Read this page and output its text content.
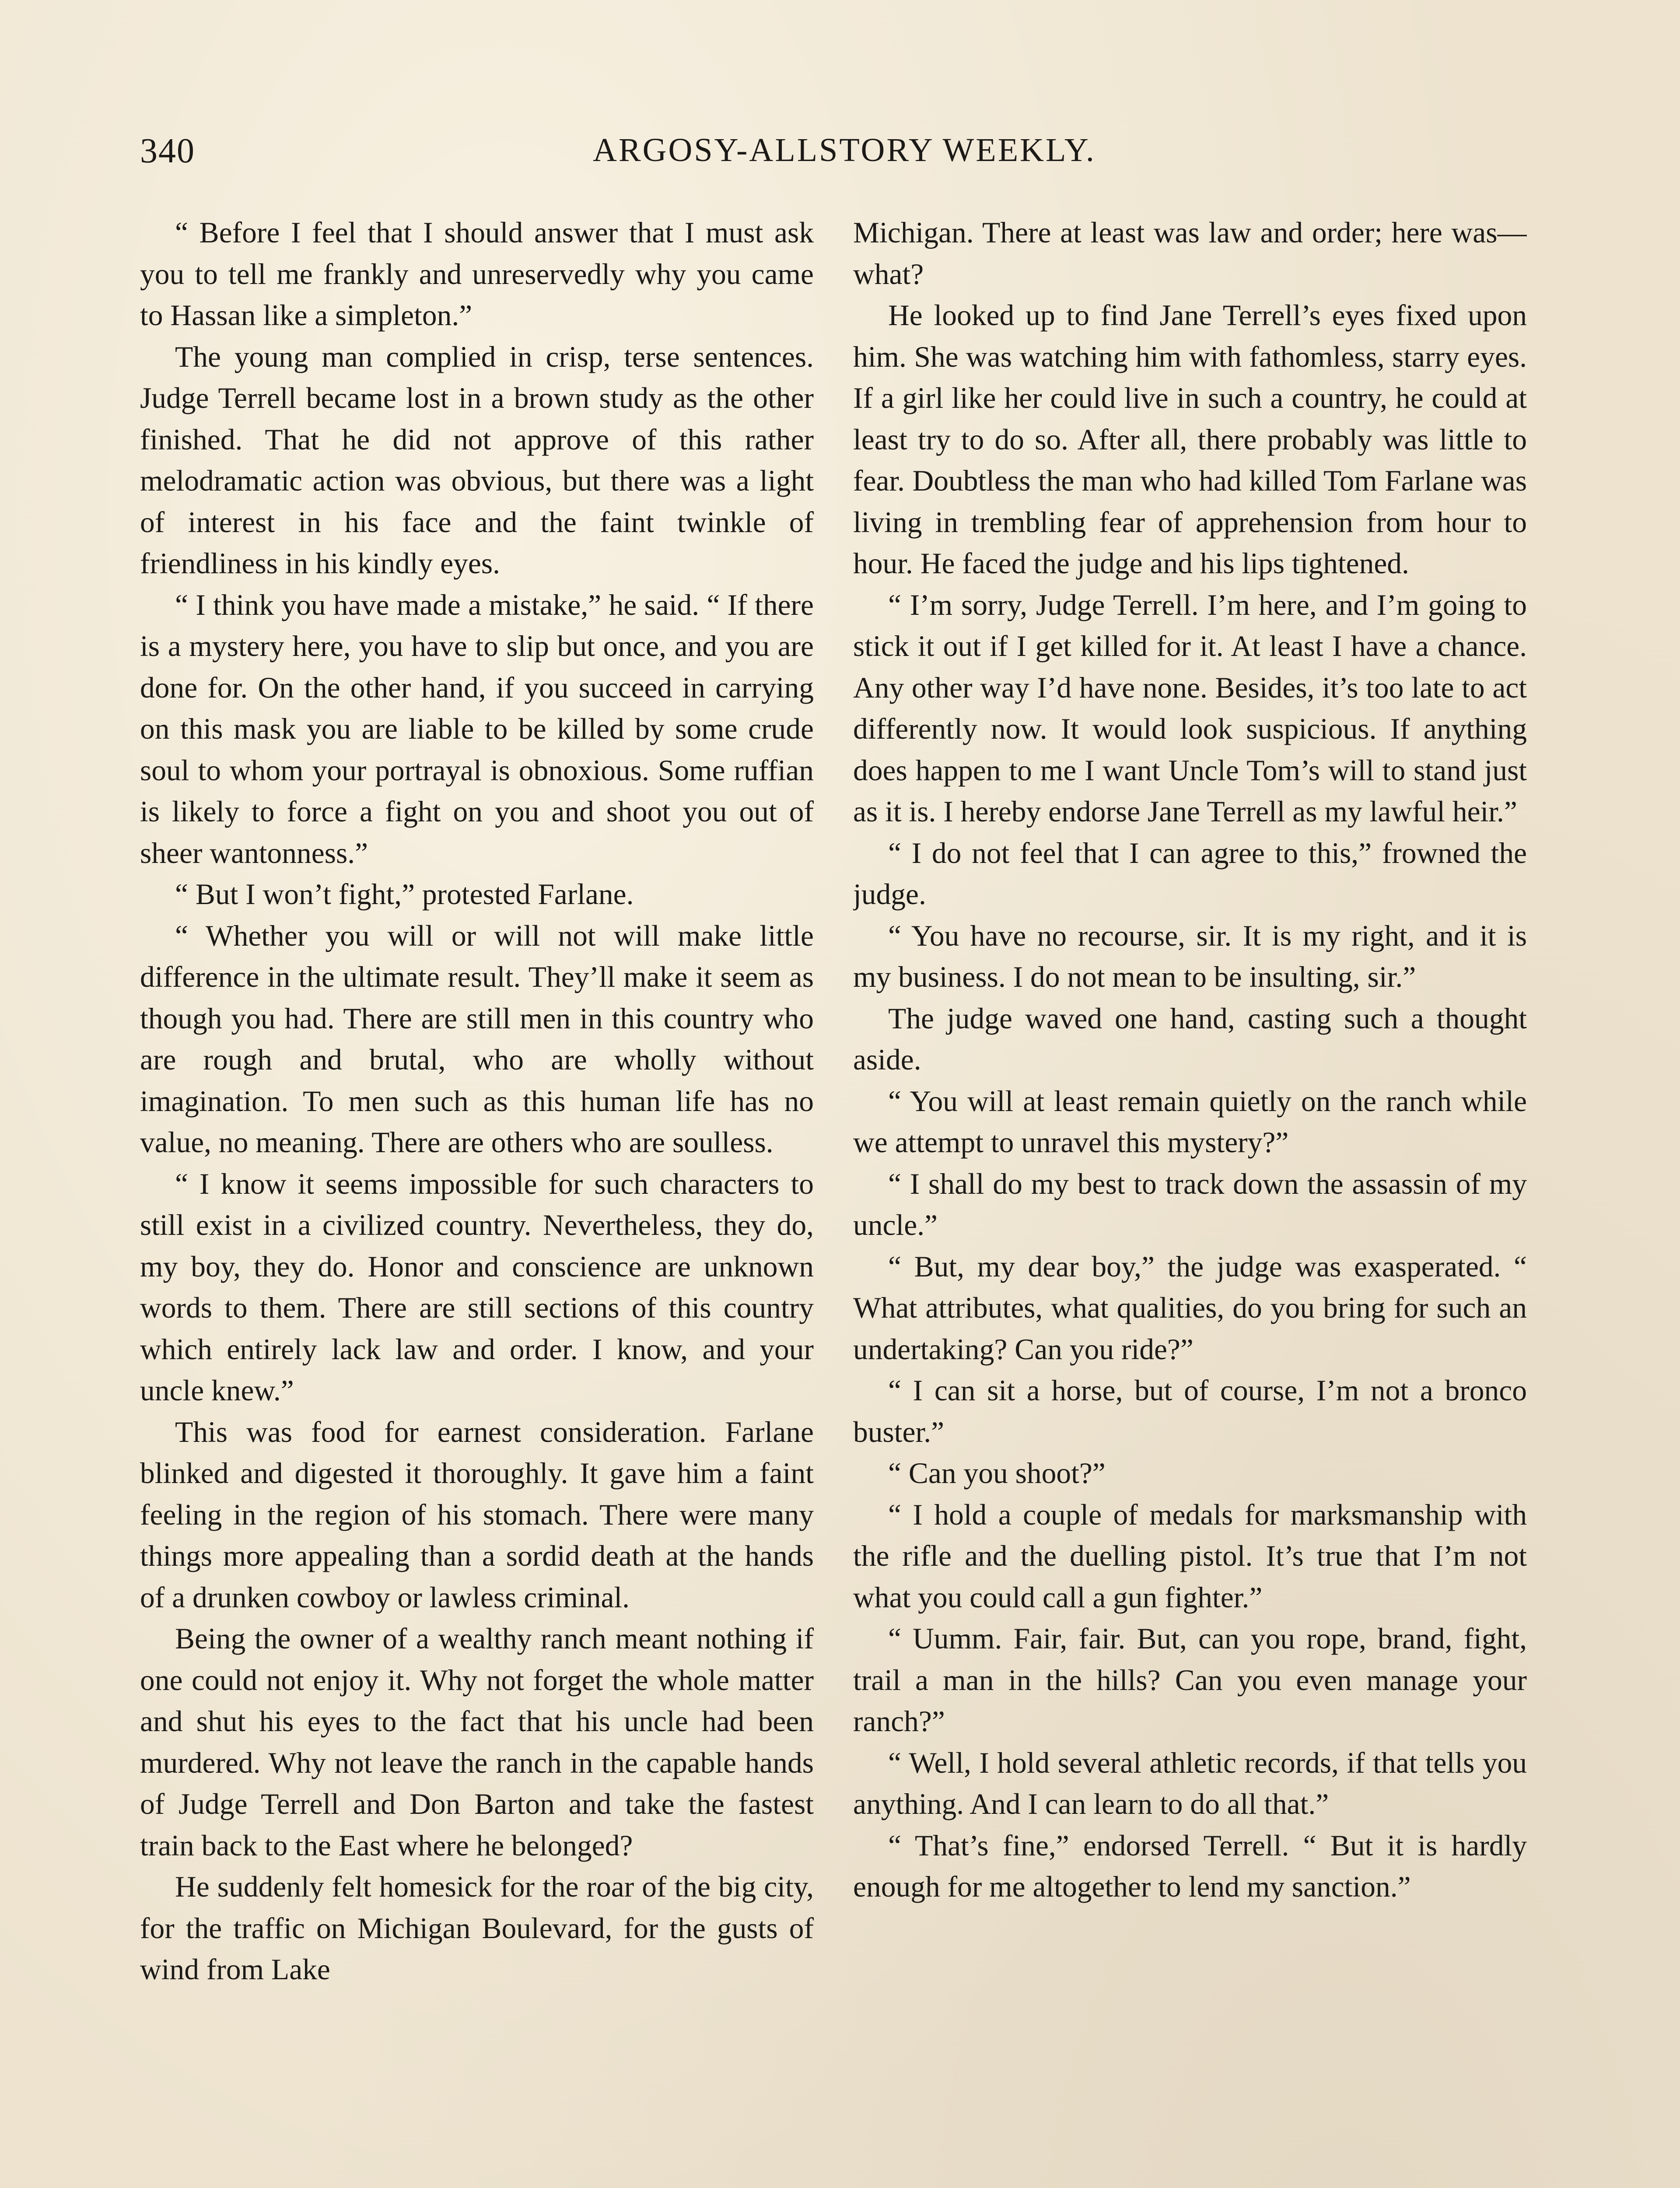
340	ARGOSY-ALLSTORY WEEKLY.

“ Before I feel that I should answer that I must ask you to tell me frankly and unreservedly why you came to Hassan like a simpleton.”

The young man complied in crisp, terse sentences. Judge Terrell became lost in a brown study as the other finished. That he did not approve of this rather melodramatic action was obvious, but there was a light of interest in his face and the faint twinkle of friendliness in his kindly eyes.

“ I think you have made a mistake,” he said. “ If there is a mystery here, you have to slip but once, and you are done for. On the other hand, if you succeed in carrying on this mask you are liable to be killed by some crude soul to whom your portrayal is obnoxious. Some ruffian is likely to force a fight on you and shoot you out of sheer wantonness.”

“ But I won’t fight,” protested Farlane.

“ Whether you will or will not will make little difference in the ultimate result. They’ll make it seem as though you had. There are still men in this country who are rough and brutal, who are wholly without imagination. To men such as this human life has no value, no meaning. There are others who are soulless.

“ I know it seems impossible for such characters to still exist in a civilized country. Nevertheless, they do, my boy, they do. Honor and conscience are unknown words to them. There are still sections of this country which entirely lack law and order. I know, and your uncle knew.”

This was food for earnest consideration. Farlane blinked and digested it thoroughly. It gave him a faint feeling in the region of his stomach. There were many things more appealing than a sordid death at the hands of a drunken cowboy or lawless criminal.

Being the owner of a wealthy ranch meant nothing if one could not enjoy it. Why not forget the whole matter and shut his eyes to the fact that his uncle had been murdered. Why not leave the ranch in the capable hands of Judge Terrell and Don Barton and take the fastest train back to the East where he belonged?

He suddenly felt homesick for the roar of the big city, for the traffic on Michigan Boulevard, for the gusts of wind from Lake

Michigan. There at least was law and order; here was—what?

He looked up to find Jane Terrell’s eyes fixed upon him. She was watching him with fathomless, starry eyes. If a girl like her could live in such a country, he could at least try to do so. After all, there probably was little to fear. Doubtless the man who had killed Tom Farlane was living in trembling fear of apprehension from hour to hour. He faced the judge and his lips tightened.

“ I’m sorry, Judge Terrell. I’m here, and I’m going to stick it out if I get killed for it. At least I have a chance. Any other way I’d have none. Besides, it’s too late to act differently now. It would look suspicious. If anything does happen to me I want Uncle Tom’s will to stand just as it is. I hereby endorse Jane Terrell as my lawful heir.”

“ I do not feel that I can agree to this,” frowned the judge.

“ You have no recourse, sir. It is my right, and it is my business. I do not mean to be insulting, sir.”

The judge waved one hand, casting such a thought aside.

“ You will at least remain quietly on the ranch while we attempt to unravel this mystery?”

“ I shall do my best to track down the assassin of my uncle.”

“ But, my dear boy,” the judge was exasperated. “ What attributes, what qualities, do you bring for such an undertaking? Can you ride?”

“ I can sit a horse, but of course, I’m not a bronco buster.”

“ Can you shoot?”

“ I hold a couple of medals for marksmanship with the rifle and the duelling pistol. It’s true that I’m not what you could call a gun fighter.”

“ Uumm. Fair, fair. But, can you rope, brand, fight, trail a man in the hills? Can you even manage your ranch?”

“ Well, I hold several athletic records, if that tells you anything. And I can learn to do all that.”

“ That’s fine,” endorsed Terrell. “ But it is hardly enough for me altogether to lend my sanction.”
